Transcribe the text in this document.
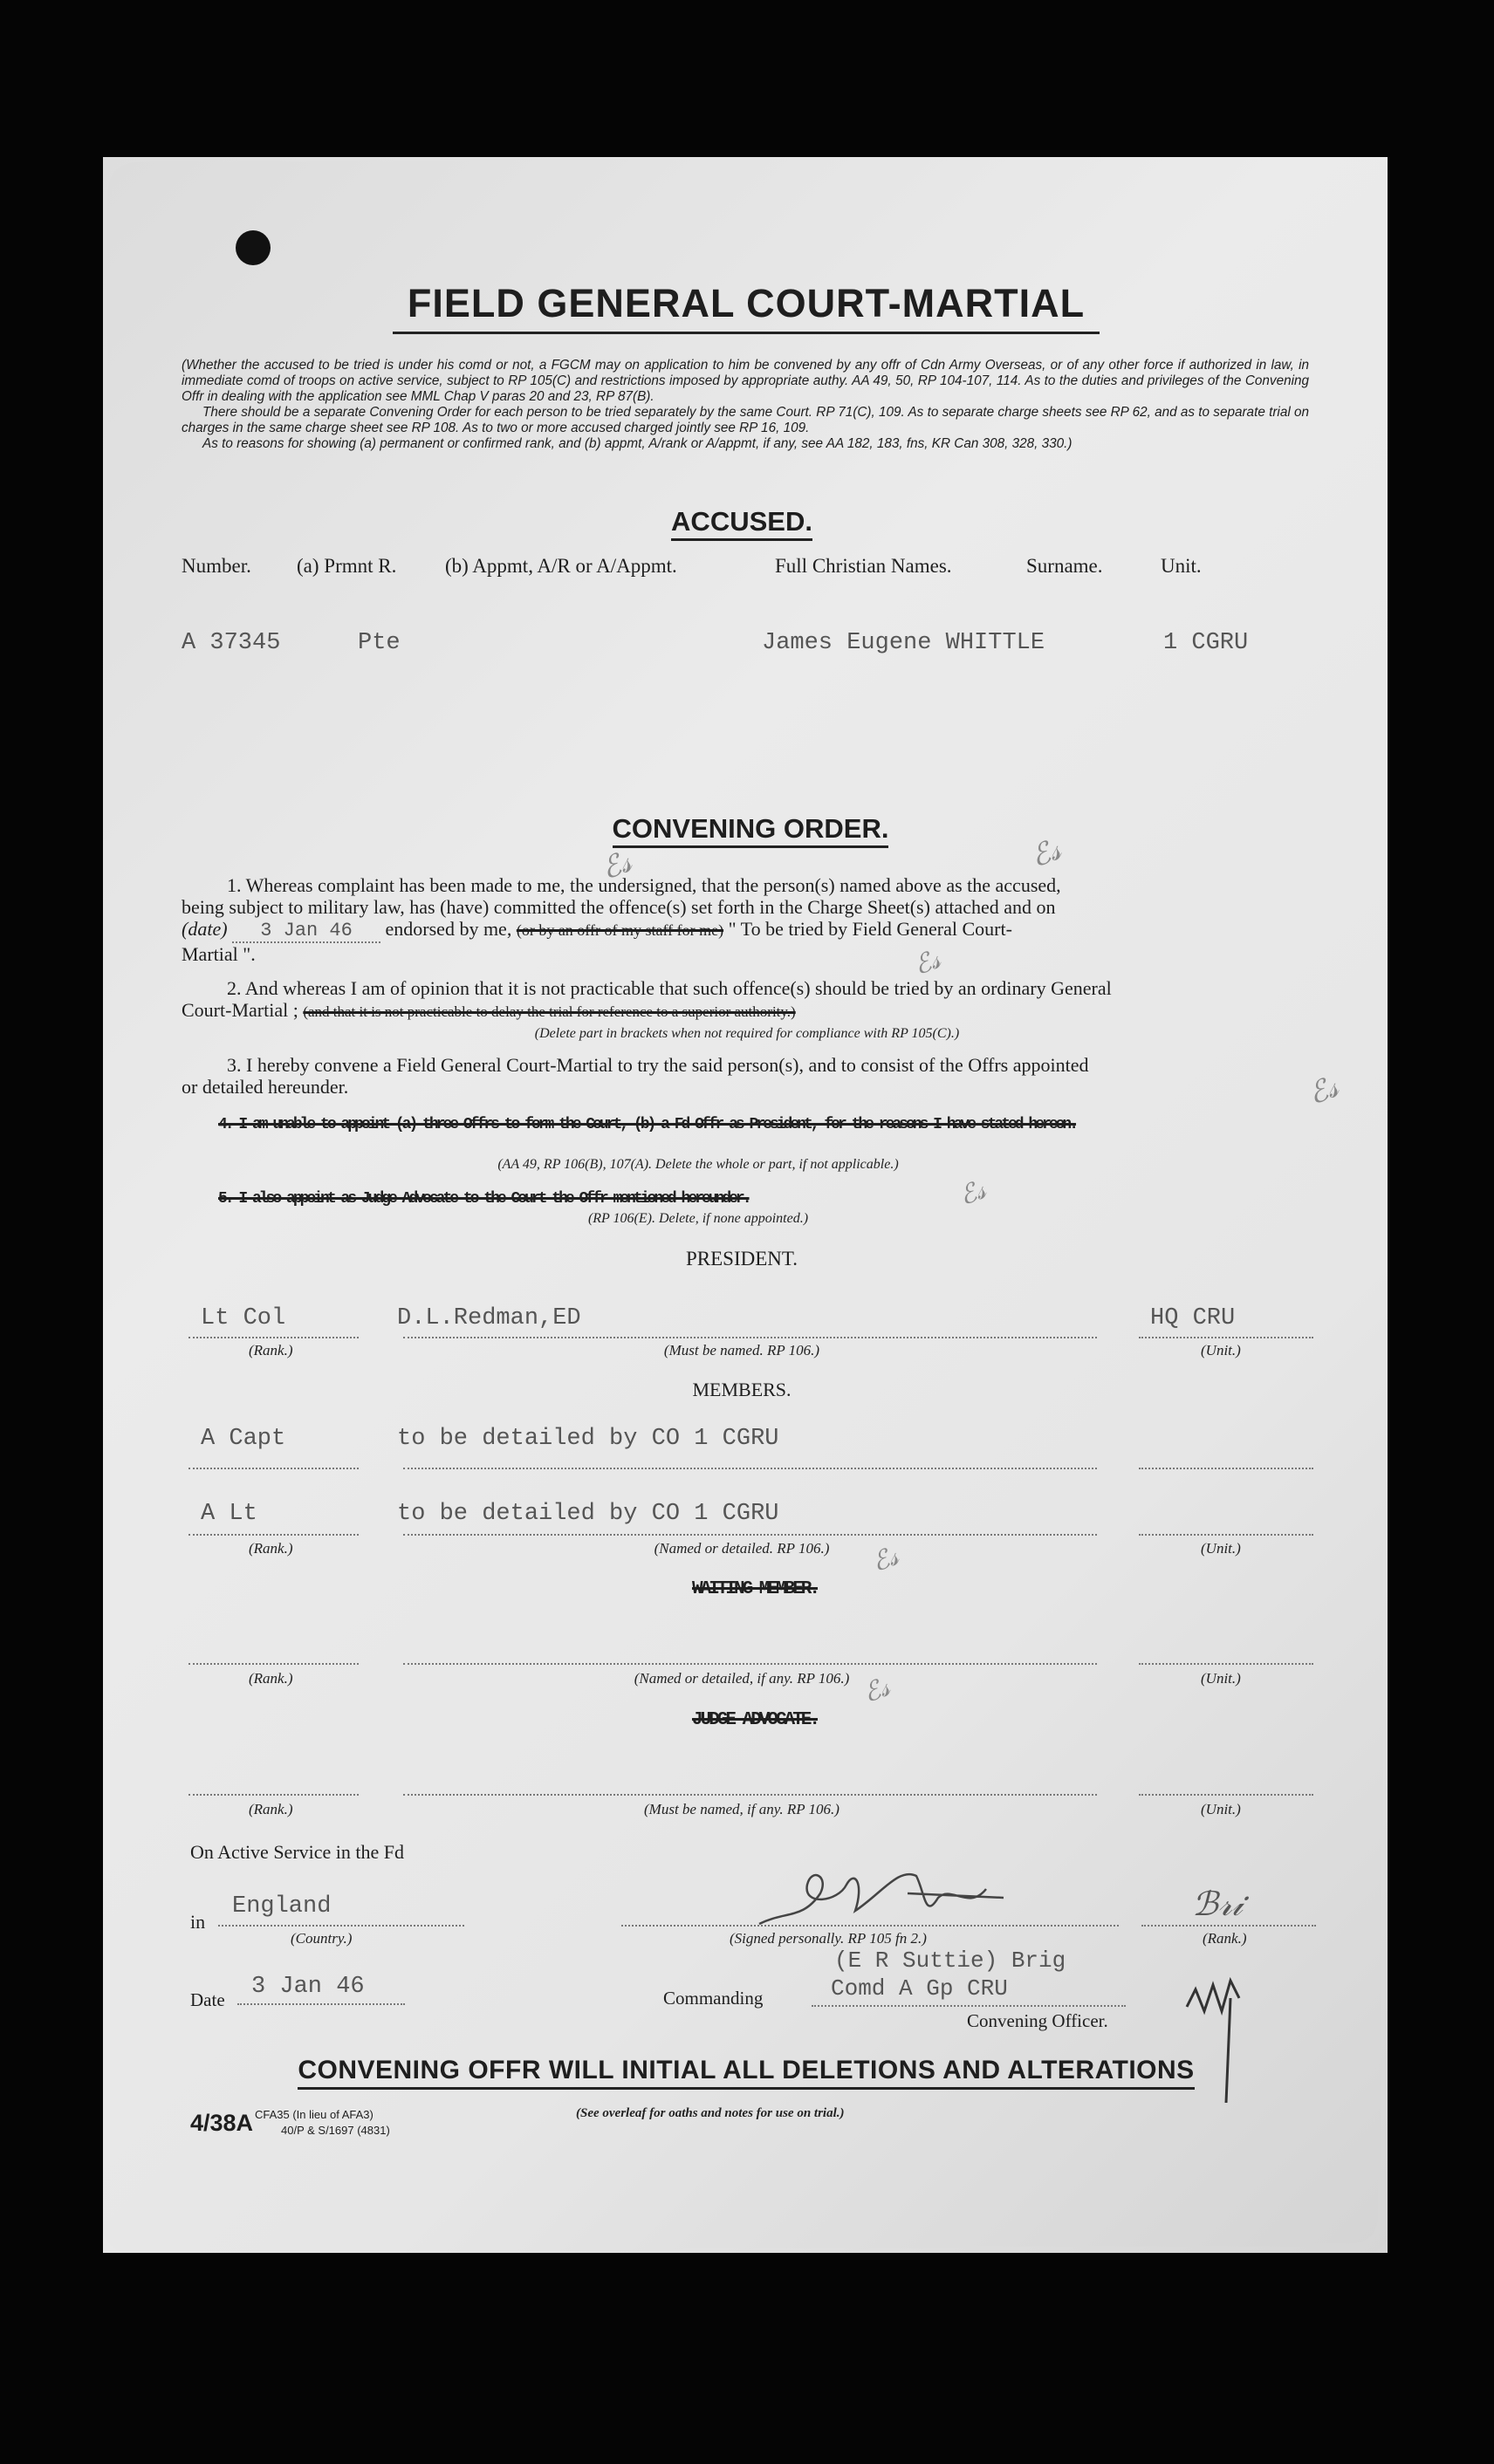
FIELD GENERAL COURT-MARTIAL
(Whether the accused to be tried is under his comd or not, a FGCM may on application to him be convened by any offr of Cdn Army Overseas, or of any other force if authorized in law, in immediate comd of troops on active service, subject to RP 105(C) and restrictions imposed by appropriate authy. AA 49, 50, RP 104-107, 114. As to the duties and privileges of the Convening Offr in dealing with the application see MML Chap V paras 20 and 23, RP 87(B).
There should be a separate Convening Order for each person to be tried separately by the same Court. RP 71(C), 109. As to separate charge sheets see RP 62, and as to separate trial on charges in the same charge sheet see RP 108. As to two or more accused charged jointly see RP 16, 109.
As to reasons for showing (a) permanent or confirmed rank, and (b) appmt, A/rank or A/appmt, if any, see AA 182, 183, fns, KR Can 308, 328, 330.)
ACCUSED.
Number. (a) Prmnt R. (b) Appmt, A/R or A/Appmt.	Full Christian Names.	Surname.	Unit.
A 37345	Pte	James Eugene WHITTLE	1 CGRU
CONVENING ORDER.
1. Whereas complaint has been made to me, the undersigned, that the person(s) named above as the accused,
being subject to military law, has (have) committed the offence(s) set forth in the Charge Sheet(s) attached and on
(date) 3 Jan 46 endorsed by me, (or by an offr of my staff for me) " To be tried by Field General Court-
Martial ".
2. And whereas I am of opinion that it is not practicable that such offence(s) should be tried by an ordinary General
Court-Martial ; (and that it is not practicable to delay the trial for reference to a superior authority.)
(Delete part in brackets when not required for compliance with RP 105(C).)
3. I hereby convene a Field General Court-Martial to try the said person(s), and to consist of the Offrs appointed
or detailed hereunder.
4. I am unable to appoint (a) three Offrs to form the Court, (b) a Fd Offr as President, for the reasons I have stated hereon.
(AA 49, RP 106(B), 107(A). Delete the whole or part, if not applicable.)
5. I also appoint as Judge Advocate to the Court the Offr mentioned hereunder.
(RP 106(E). Delete, if none appointed.)
ℰ𝓈	ℰ𝓈
ℰ𝓈
ℰ𝓈
ℰ𝓈
PRESIDENT.
Lt Col	D.L.Redman,ED	HQ CRU
(Rank.)	(Must be named. RP 106.)	(Unit.)
MEMBERS.
A Capt	to be detailed by CO 1 CGRU
A Lt	to be detailed by CO 1 CGRU
(Rank.)	(Named or detailed. RP 106.)	(Unit.)
WAITING MEMBER.
ℰ𝓈
(Rank.)	(Named or detailed, if any. RP 106.)	(Unit.)
JUDGE ADVOCATE.
ℰ𝓈
(Rank.)	(Must be named, if any. RP 106.)	(Unit.)
On Active Service in the Fd
in
England
(Country.)	(Signed personally. RP 105 fn 2.)
ℬ𝓇𝒾
(Rank.)
(E R Suttie) Brig
Comd A Gp CRU
Date 3 Jan 46	Commanding
Convening Officer.
CONVENING OFFR WILL INITIAL ALL DELETIONS AND ALTERATIONS
4/38A CFA35 (In lieu of AFA3)
40/P & S/1697 (4831)
(See overleaf for oaths and notes for use on trial.)
